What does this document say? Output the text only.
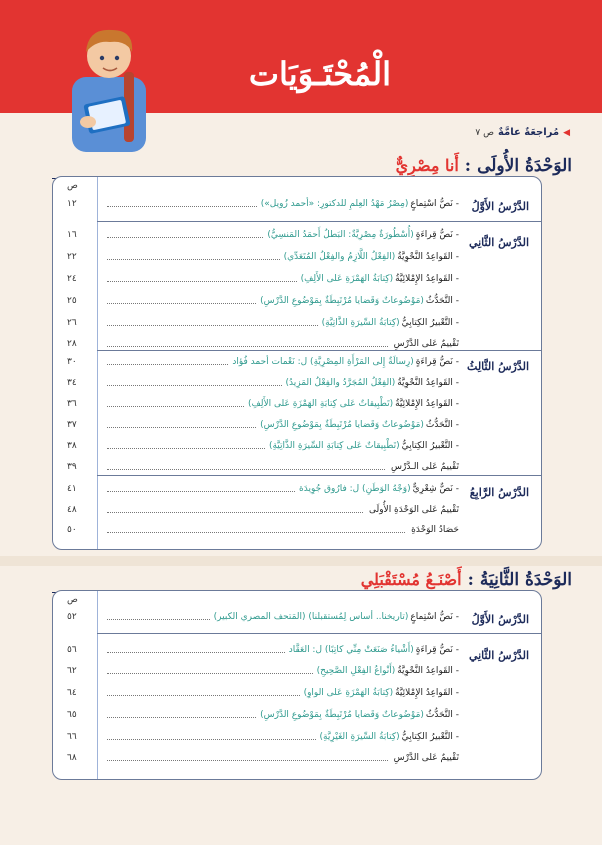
الْمُحْتَـوَيَات
◀
مُراجعَةٌ عامَّةٌ
ص ٧
الوَحْدَةُ الأُولَى
:
أَنا مِصْرِيٌّ
ص
الدَّرْسُ الأَوَّلُ
- نَصُّ اسْتِماعٍ
(مِصْرُ مَهْدُ العِلمِ للدكتورِ: «أحمد زُويل»)
١٢
الدَّرْسُ الثَّانِي
- نَصُّ قِراءَةٍ
(أُسْطُورَةٌ مِصْرِيَّةٌ: البَطلُ أَحمَدُ المَنسِيُّ)
١٦
- القَواعِدُ النَّحْوِيَّةُ
(الفِعْلُ اللَّازِمُ والفِعْلُ المُتَعَدِّي)
٢٢
- القَواعِدُ الإِمْلائِيَّةُ
(كِتابَةُ الهَمْزَةِ عَلى الأَلِفِ)
٢٤
- التَّحَدُّثُ
(مَوْضُوعاتٌ وَقَضايا مُرْتَبِطَةٌ بِمَوْضُوعِ الدَّرْسِ)
٢٥
- التَّعْبيرُ الكِتابِيُّ
(كِتابَةُ السِّيرَةِ الذَّاتِيَّةِ)
٢٦
تَقْييمٌ عَلى الدَّرْسِ
٢٨
الدَّرْسُ الثَّالِثُ
- نَصُّ قِراءَةٍ
(رِسالَةٌ إِلى المَرْأَةِ المِصْرِيَّةِ) ل: نَعْمات أحمد فُؤاد
٣٠
- القَواعِدُ النَّحْوِيَّةُ
(الفِعْلُ المُجَرَّدُ والفِعْلُ المَزِيدُ)
٣٤
- القَواعِدُ الإِمْلائِيَّةُ
(تَطْبِيقاتٌ عَلى كِتابَةِ الهَمْزَةِ عَلى الأَلِفِ)
٣٦
- التَّحَدُّثُ
(مَوْضُوعاتٌ وَقَضايا مُرْتَبِطَةٌ بِمَوْضُوعِ الدَّرْسِ)
٣٧
- التَّعْبيرُ الكِتابِيُّ
(تَطْبِيقاتٌ عَلى كِتابَةِ السِّيرَةِ الذَّاتِيَّةِ)
٣٨
تَقْييمٌ عَلى الـدَّرْسِ
٣٩
الدَّرْسُ الرَّابِعُ
- نَصٌّ شِعْرِيٌّ
(وَجْهُ الوَطَنِ) ل: فارُوق جُوِيدَة
٤١
تَقْييمٌ عَلى الوَحْدَةِ الأُولَى
٤٨
حَصَادُ الوَحْدَةِ
٥٠
الوَحْدَةُ الثَّانِيَةُ
:
أَصْنَـعُ مُسْتَقْبَلِي
ص
الدَّرْسُ الأَوَّلُ
- نَصُّ اسْتِماعٍ
(تاريخنا.. أساس لِمُستقبلنا) (المَتحف المصري الكبير)
٥٢
الدَّرْسُ الثَّانِي
- نَصُّ قِراءَةٍ
(أَشْياءُ صَنَعَتْ مِنِّي كاتِبًا) ل: العَقَّاد
٥٦
- القَواعِدُ النَّحْوِيَّةُ
(أَنْواعُ الفِعْلِ الصَّحِيحِ)
٦٢
- القَواعِدُ الإِمْلائِيَّةُ
(كِتابَةُ الهَمْزَةِ عَلى الواوِ)
٦٤
- التَّحَدُّثُ
(مَوْضُوعاتٌ وَقَضايا مُرْتَبِطَةٌ بِمَوْضُوعِ الدَّرْسِ)
٦٥
- التَّعْبيرُ الكِتابِيُّ
(كِتابَةُ السِّيرَةِ الغَيْرِيَّةِ)
٦٦
تَقْييمٌ عَلى الدَّرْسِ
٦٨
